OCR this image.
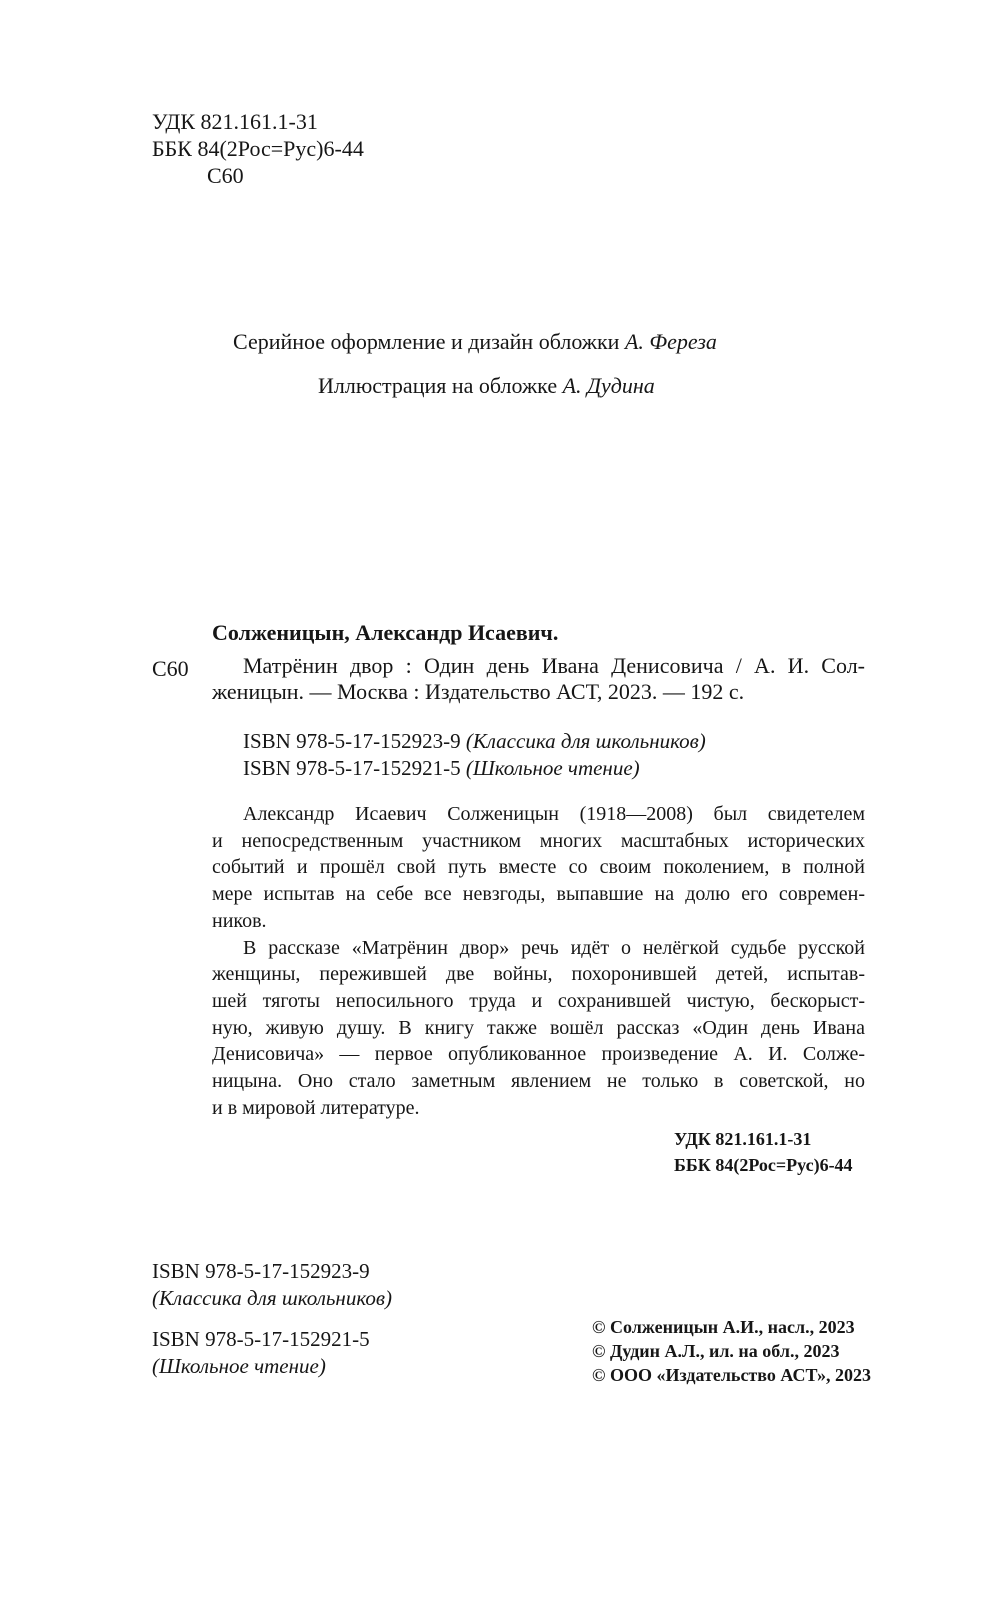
УДК 821.161.1-31
ББК 84(2Рос=Рус)6-44
С60
Серийное оформление и дизайн обложки А. Фереза
Иллюстрация на обложке А. Дудина
Солженицын, Александр Исаевич.
С60 Матрёнин двор : Один день Ивана Денисовича / А. И. Сол-
женицын. — Москва : Издательство АСТ, 2023. — 192 с.
ISBN 978-5-17-152923-9 (Классика для школьников)
ISBN 978-5-17-152921-5 (Школьное чтение)
Александр Исаевич Солженицын (1918—2008) был свидетелем
и непосредственным участником многих масштабных исторических
событий и прошёл свой путь вместе со своим поколением, в полной
мере испытав на себе все невзгоды, выпавшие на долю его современ-
ников.
В рассказе «Матрёнин двор» речь идёт о нелёгкой судьбе русской
женщины, пережившей две войны, похоронившей детей, испытав-
шей тяготы непосильного труда и сохранившей чистую, бескорыст-
ную, живую душу. В книгу также вошёл рассказ «Один день Ивана
Денисовича» — первое опубликованное произведение А. И. Солже-
ницына. Оно стало заметным явлением не только в советской, но
и в мировой литературе.
УДК 821.161.1-31
ББК 84(2Рос=Рус)6-44
ISBN 978-5-17-152923-9
(Классика для школьников)
ISBN 978-5-17-152921-5
(Школьное чтение)
© Солженицын А.И., насл., 2023
© Дудин А.Л., ил. на обл., 2023
© ООО «Издательство АСТ», 2023
